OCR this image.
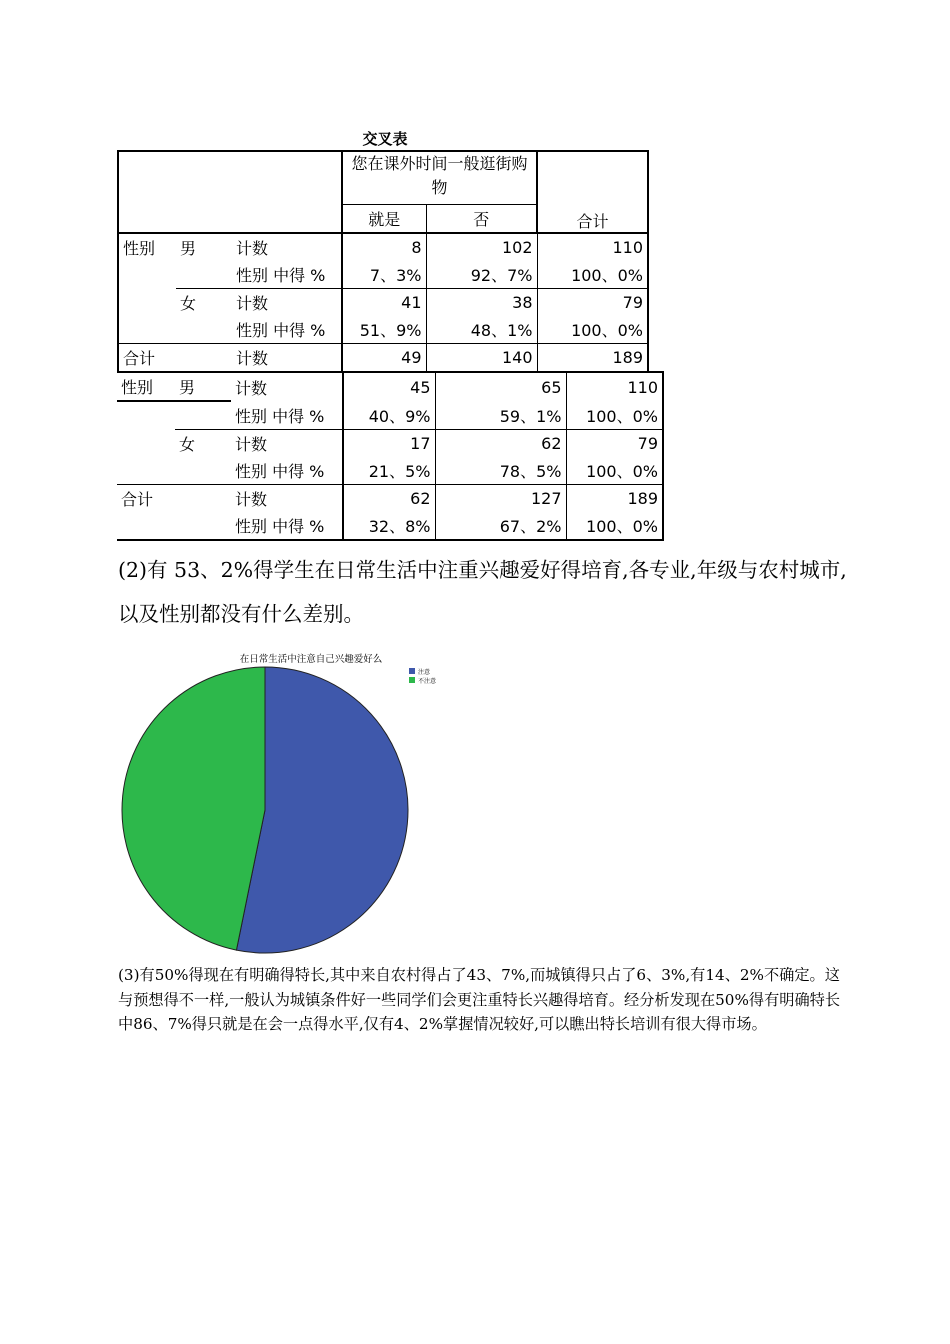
交叉表
			您在课外时间一般逛街购物		合计
			就是	否	
性别	男	计数	8	102	110
		性别 中得 %	7、3%	92、7%	100、0%
	女	计数	41	38	79
		性别 中得 %	51、9%	48、1%	100、0%
合计		计数	49	140	189
性别	男	计数	45	65	110
		性别 中得 %	40、9%	59、1%	100、0%
	女	计数	17	62	79
		性别 中得 %	21、5%	78、5%	100、0%
合计		计数	62	127	189
		性别 中得 %	32、8%	67、2%	100、0%
(2)有 53、2%得学生在日常生活中注重兴趣爱好得培育,各专业,年级与农村城市,以及性别都没有什么差别。
在日常生活中注意自己兴趣爱好么
注意
不注意
(3)有50%得现在有明确得特长,其中来自农村得占了43、7%,而城镇得只占了6、3%,有14、2%不确定。这与预想得不一样,一般认为城镇条件好一些同学们会更注重特长兴趣得培育。经分析发现在50%得有明确特长中86、7%得只就是在会一点得水平,仅有4、2%掌握情况较好,可以瞧出特长培训有很大得市场。
